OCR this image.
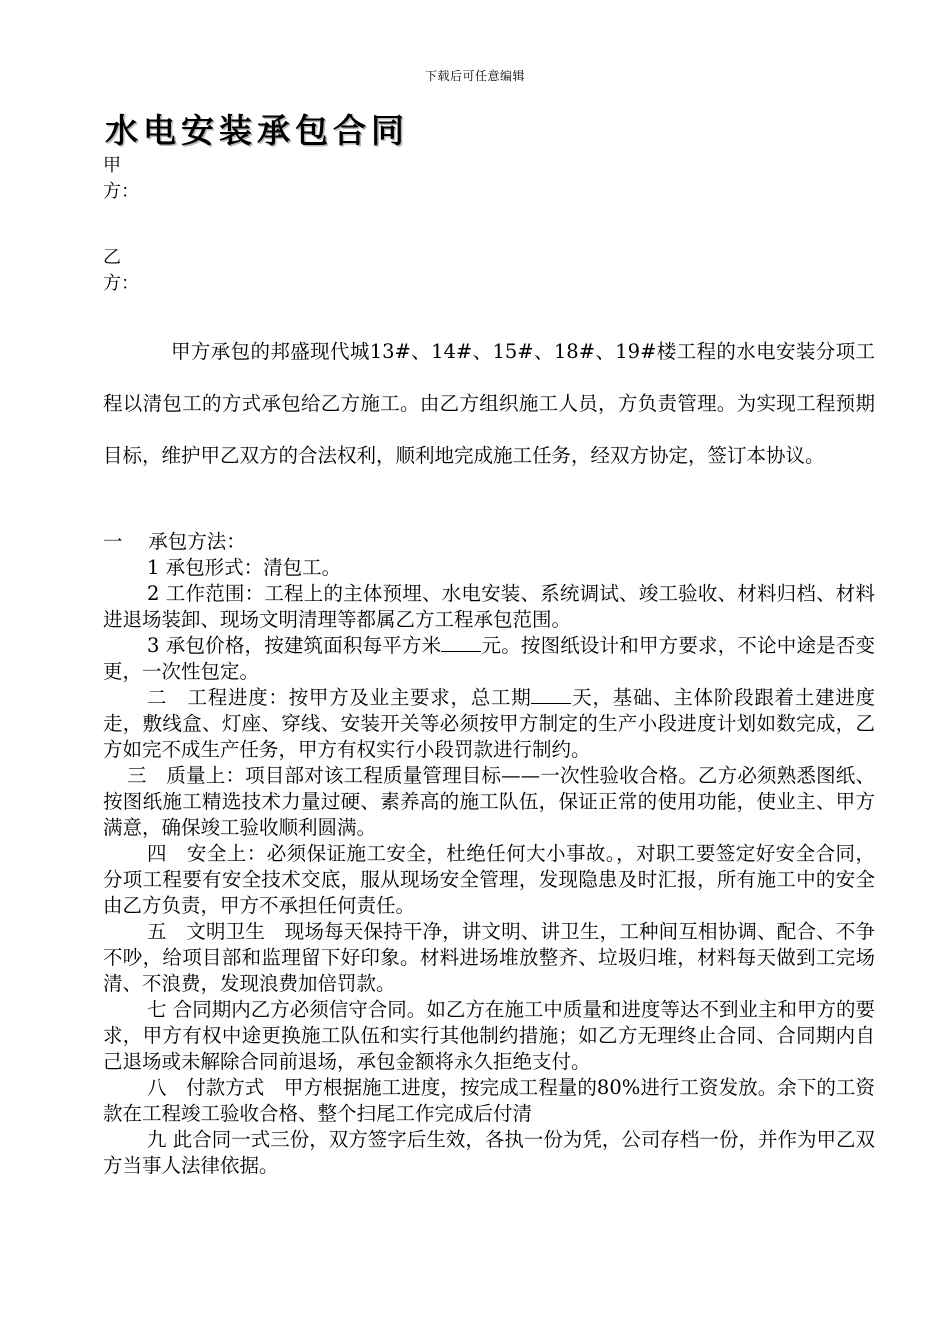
下载后可任意编辑
水电安装承包合同
甲　方：
乙　方：

甲方承包的邦盛现代城13#、14#、15#、18#、19#楼工程的水电安装分项工程以清包工的方式承包给乙方施工。由乙方组织施工人员，方负责管理。为实现工程预期目标，维护甲乙双方的合法权利，顺利地完成施工任务，经双方协定，签订本协议。

一　 承包方法：

1 承包形式：清包工。

2 工作范围：工程上的主体预埋、水电安装、系统调试、竣工验收、材料归档、材料进退场装卸、现场文明清理等都属乙方工程承包范围。

3 承包价格，按建筑面积每平方米 元。按图纸设计和甲方要求，不论中途是否变更，一次性包定。

二　工程进度：按甲方及业主要求，总工期 天，基础、主体阶段跟着土建进度走，敷线盒、灯座、穿线、安装开关等必须按甲方制定的生产小段进度计划如数完成，乙方如完不成生产任务，甲方有权实行小段罚款进行制约。

三　质量上：项目部对该工程质量管理目标——一次性验收合格。乙方必须熟悉图纸、按图纸施工精选技术力量过硬、素养高的施工队伍，保证正常的使用功能，使业主、甲方满意，确保竣工验收顺利圆满。

四　安全上：必须保证施工安全，杜绝任何大小事故。，对职工要签定好安全合同，分项工程要有安全技术交底，服从现场安全管理，发现隐患及时汇报，所有施工中的安全由乙方负责，甲方不承担任何责任。

五　文明卫生　现场每天保持干净，讲文明、讲卫生，工种间互相协调、配合、不争不吵，给项目部和监理留下好印象。材料进场堆放整齐、垃圾归堆，材料每天做到工完场清、不浪费，发现浪费加倍罚款。

七 合同期内乙方必须信守合同。如乙方在施工中质量和进度等达不到业主和甲方的要求，甲方有权中途更换施工队伍和实行其他制约措施；如乙方无理终止合同、合同期内自己退场或未解除合同前退场，承包金额将永久拒绝支付。

八　付款方式　甲方根据施工进度，按完成工程量的80%进行工资发放。余下的工资款在工程竣工验收合格、整个扫尾工作完成后付清

九 此合同一式三份，双方签字后生效，各执一份为凭，公司存档一份，并作为甲乙双方当事人法律依据。
